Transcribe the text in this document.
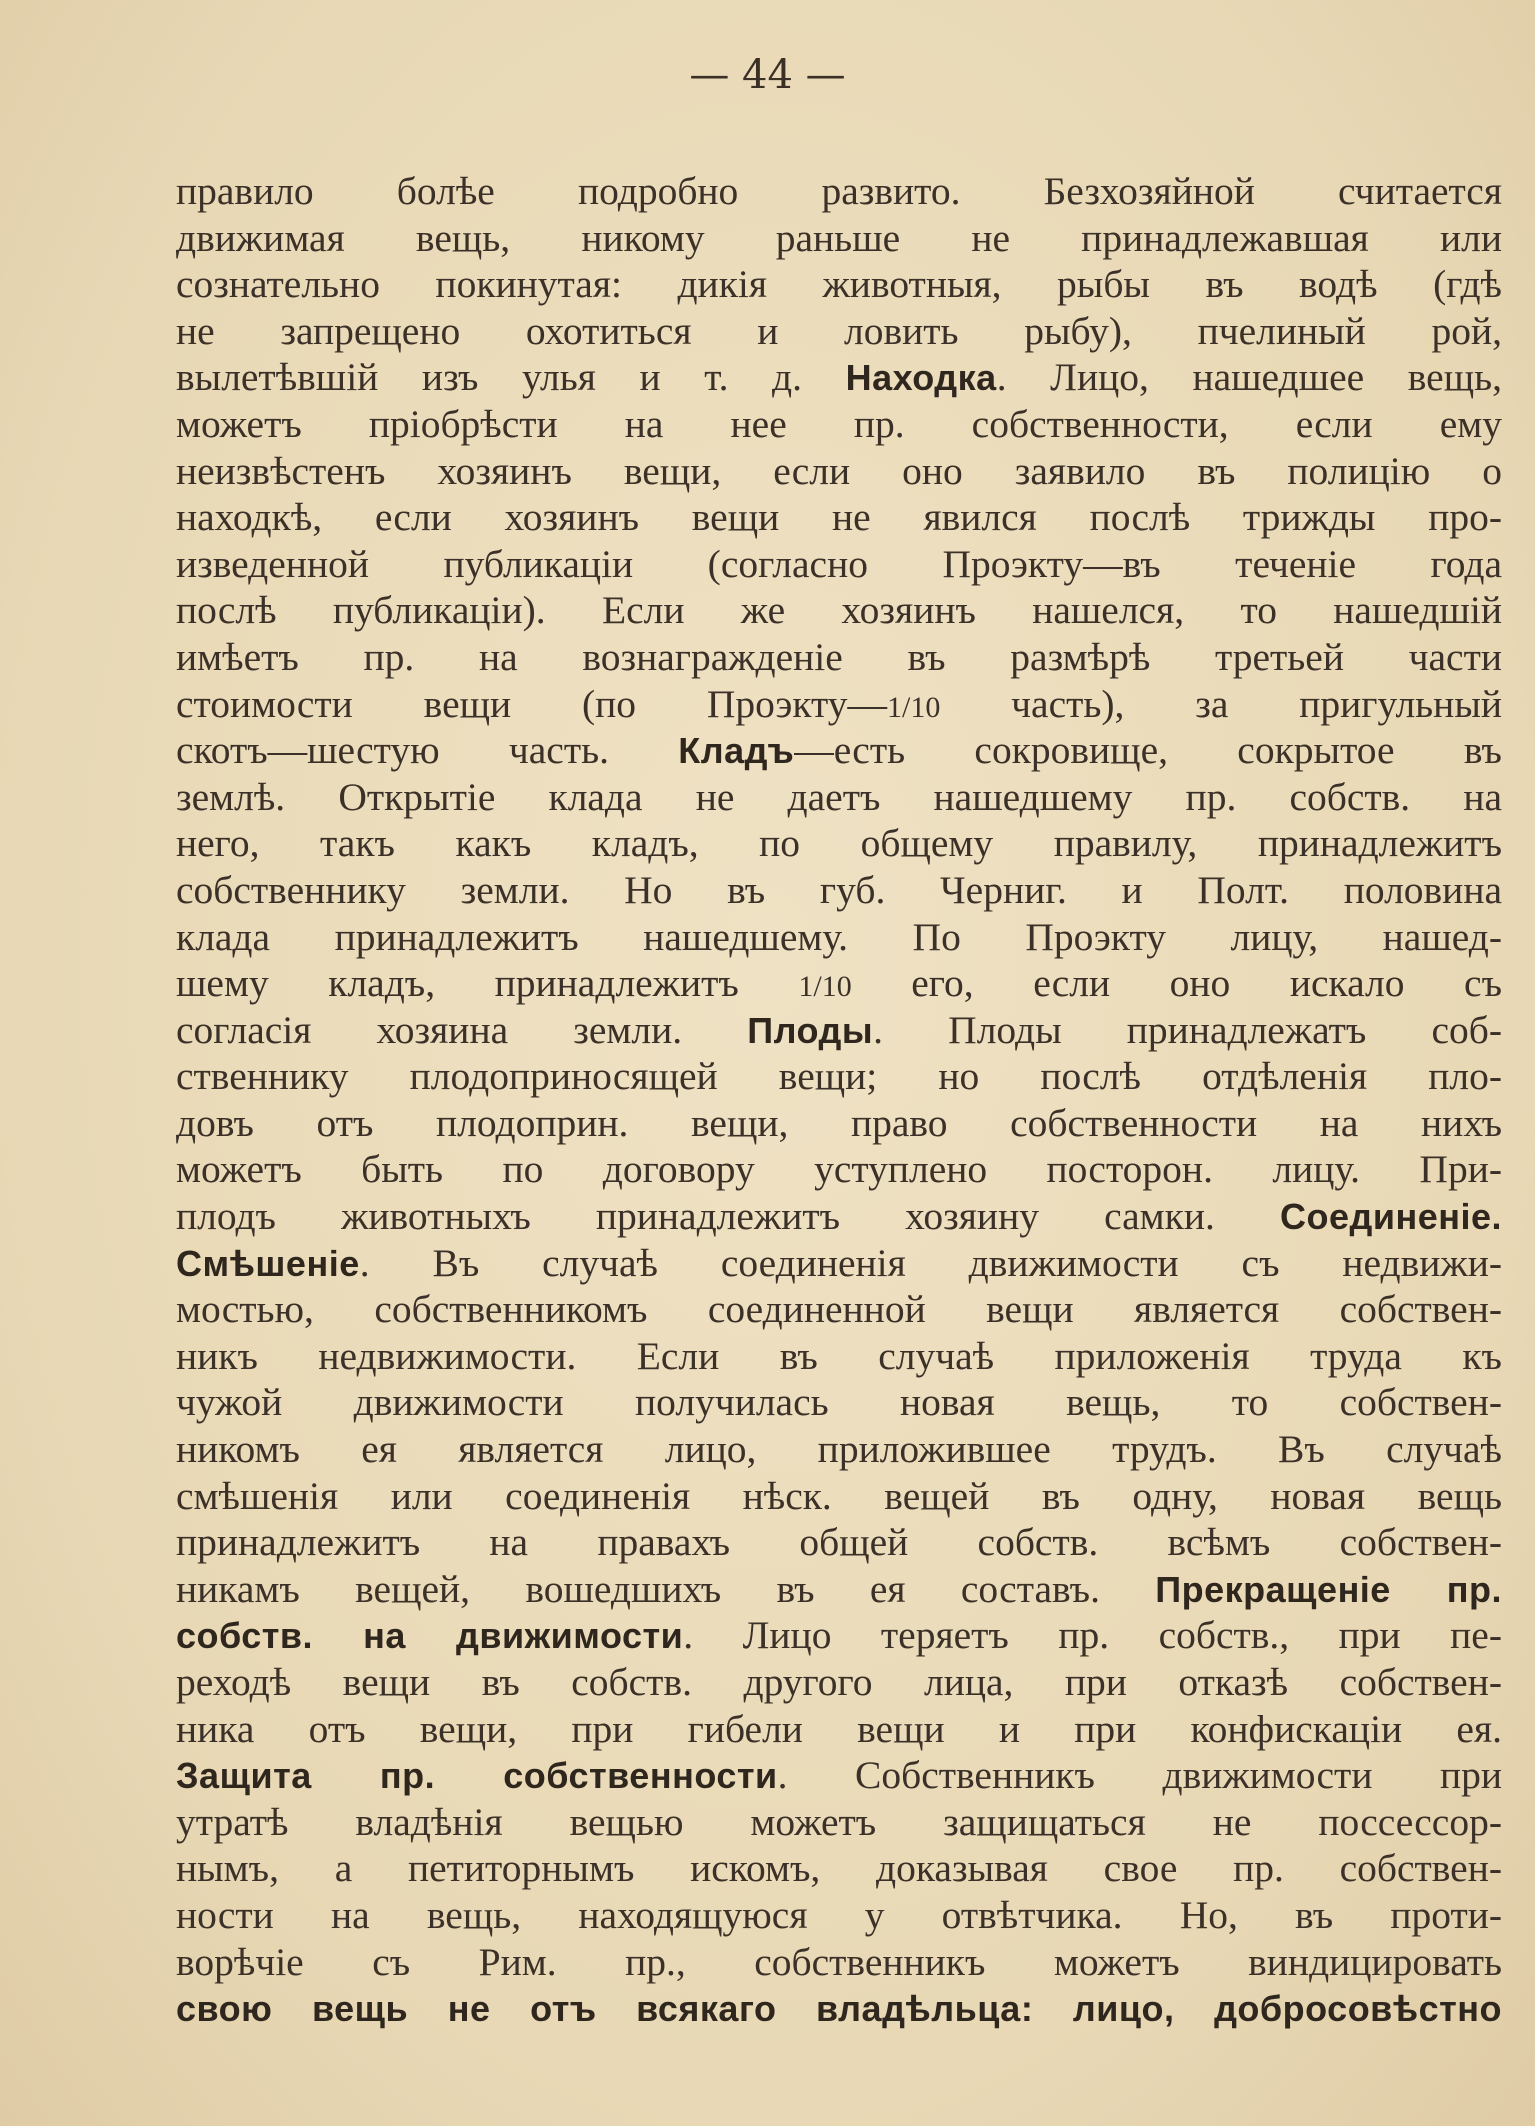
— 44 —
правило болѣе подробно развито. Безхозяйной считается
движимая вещь, никому раньше не принадлежавшая или
сознательно покинутая: дикія животныя, рыбы въ водѣ (гдѣ
не запрещено охотиться и ловить рыбу), пчелиный рой,
вылетѣвшій изъ улья и т. д. Находка. Лицо, нашедшее вещь,
можетъ пріобрѣсти на нее пр. собственности, если ему
неизвѣстенъ хозяинъ вещи, если оно заявило въ полицію о
находкѣ, если хозяинъ вещи не явился послѣ трижды про-
изведенной публикаціи (согласно Проэкту—въ теченіе года
послѣ публикаціи). Если же хозяинъ нашелся, то нашедшій
имѣетъ пр. на вознагражденіе въ размѣрѣ третьей части
стоимости вещи (по Проэкту—1/10 часть), за пригульный
скотъ—шестую часть. Кладъ—есть сокровище, сокрытое въ
землѣ. Открытіе клада не даетъ нашедшему пр. собств. на
него, такъ какъ кладъ, по общему правилу, принадлежитъ
собственнику земли. Но въ губ. Черниг. и Полт. половина
клада принадлежитъ нашедшему. По Проэкту лицу, нашед-
шему кладъ, принадлежитъ 1/10 его, если оно искало съ
согласія хозяина земли. Плоды. Плоды принадлежатъ соб-
ственнику плодоприносящей вещи; но послѣ отдѣленія пло-
довъ отъ плодоприн. вещи, право собственности на нихъ
можетъ быть по договору уступлено посторон. лицу. При-
плодъ животныхъ принадлежитъ хозяину самки. Соединеніе.
Смѣшеніе. Въ случаѣ соединенія движимости съ недвижи-
мостью, собственникомъ соединенной вещи является собствен-
никъ недвижимости. Если въ случаѣ приложенія труда къ
чужой движимости получилась новая вещь, то собствен-
никомъ ея является лицо, приложившее трудъ. Въ случаѣ
смѣшенія или соединенія нѣск. вещей въ одну, новая вещь
принадлежитъ на правахъ общей собств. всѣмъ собствен-
никамъ вещей, вошедшихъ въ ея составъ. Прекращеніе пр.
собств. на движимости. Лицо теряетъ пр. собств., при пе-
реходѣ вещи въ собств. другого лица, при отказѣ собствен-
ника отъ вещи, при гибели вещи и при конфискаціи ея.
Защита пр. собственности. Собственникъ движимости при
утратѣ владѣнія вещью можетъ защищаться не поссессор-
нымъ, а петиторнымъ искомъ, доказывая свое пр. собствен-
ности на вещь, находящуюся у отвѣтчика. Но, въ проти-
ворѣчіе съ Рим. пр., собственникъ можетъ виндицировать
свою вещь не отъ всякаго владѣльца: лицо, добросовѣстно
